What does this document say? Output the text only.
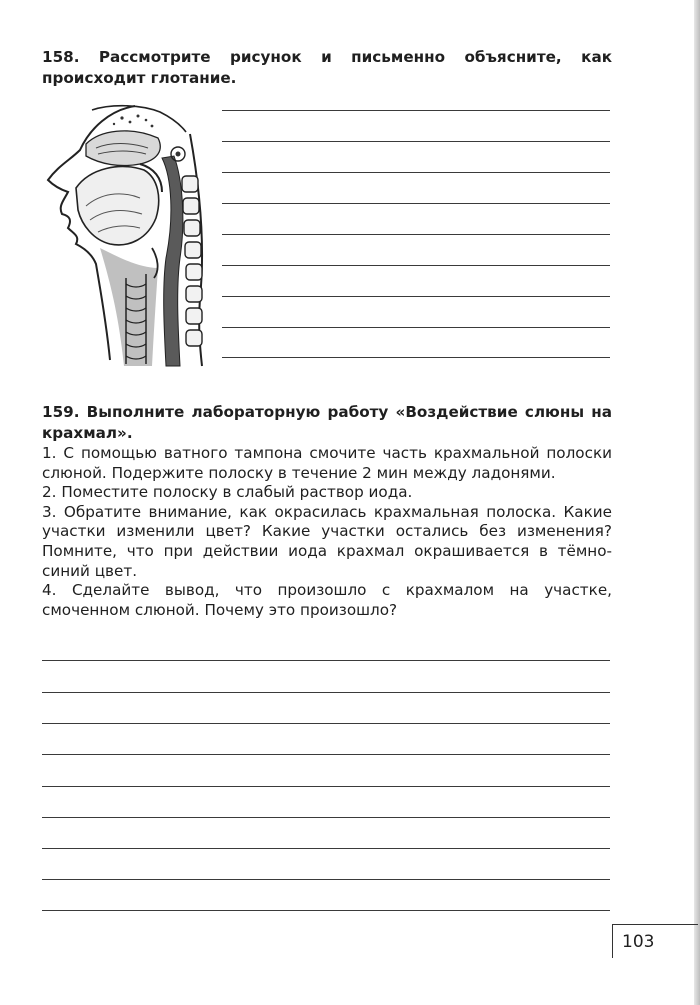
158. Рассмотрите рисунок и письменно объясните, как происходит глотание.
159. Выполните лабораторную работу «Воздействие слюны на крахмал».

1. С помощью ватного тампона смочите часть крахмальной полоски слюной. Подержите полоску в течение 2 мин между ладонями.

2. Поместите полоску в слабый раствор иода.

3. Обратите внимание, как окрасилась крахмальная полоска. Какие участки изменили цвет? Какие участки остались без изменения? Помните, что при действии иода крахмал окрашивается в тёмно-синий цвет.

4. Сделайте вывод, что произошло с крахмалом на участке, смоченном слюной. Почему это произошло?

103
